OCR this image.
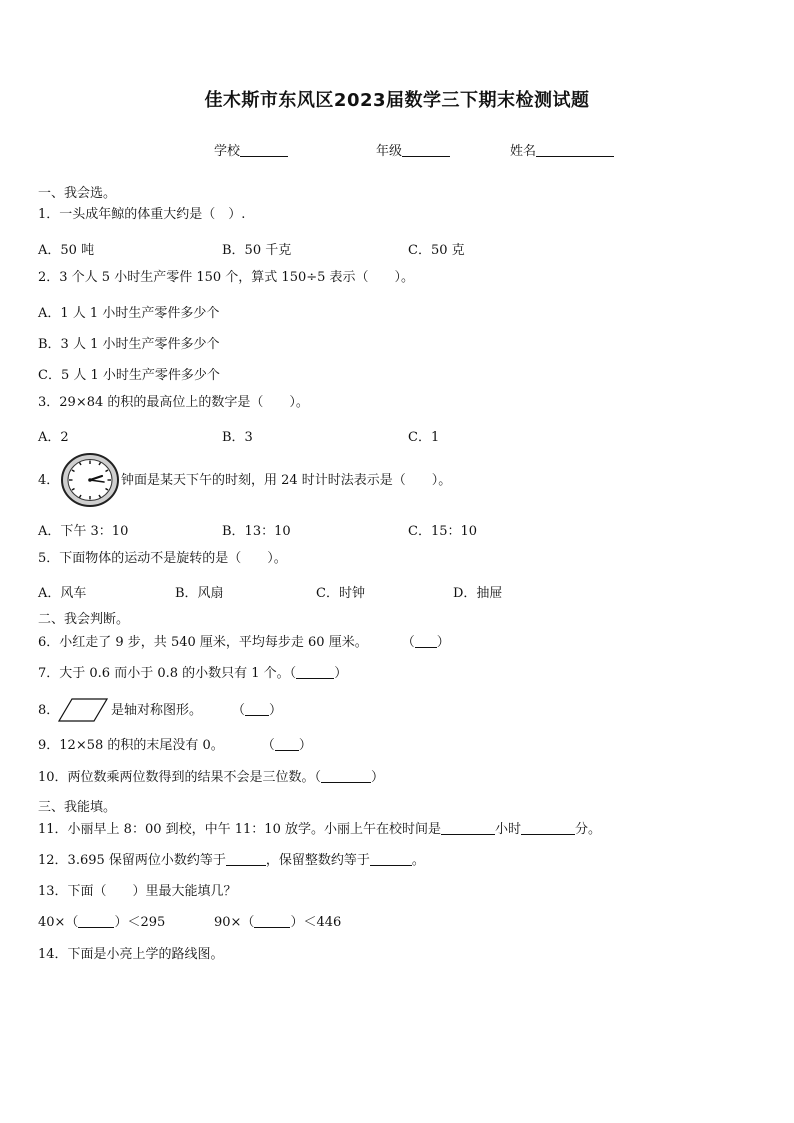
佳木斯市东风区2023届数学三下期末检测试题
学校	年级	姓名
一、我会选。
1．一头成年鲸的体重大约是（　）.
A．50 吨	B．50 千克	C．50 克
2．3 个人 5 小时生产零件 150 个，算式 150÷5 表示（　　）。
A．1 人 1 小时生产零件多少个
B．3 人 1 小时生产零件多少个
C．5 人 1 小时生产零件多少个
3．29×84 的积的最高位上的数字是（　　）。
A．2	B．3	C．1
4．	钟面是某天下午的时刻，用 24 时计时法表示是（　　）。
A．下午 3：10	B．13：10	C．15：10
5．下面物体的运动不是旋转的是（　　）。
A．风车	B．风扇	C．时钟	D．抽屉
二、我会判断。
6．小红走了 9 步，共 540 厘米，平均每步走 60 厘米。	（ ）
7．大于 0.6 而小于 0.8 的小数只有 1 个。（	）
8．	是轴对称图形。 （ ）
9．12×58 的积的末尾没有 0。	（ ）
10．两位数乘两位数得到的结果不会是三位数。（	）
三、我能填。
11．小丽早上 8：00 到校，中午 11：10 放学。小丽上午在校时间是	小时	分。
12．3.695 保留两位小数约等于	，保留整数约等于	。
13．下面（　　）里最大能填几？
40×（	）＜295	90×（	）＜446
14．下面是小亮上学的路线图。
